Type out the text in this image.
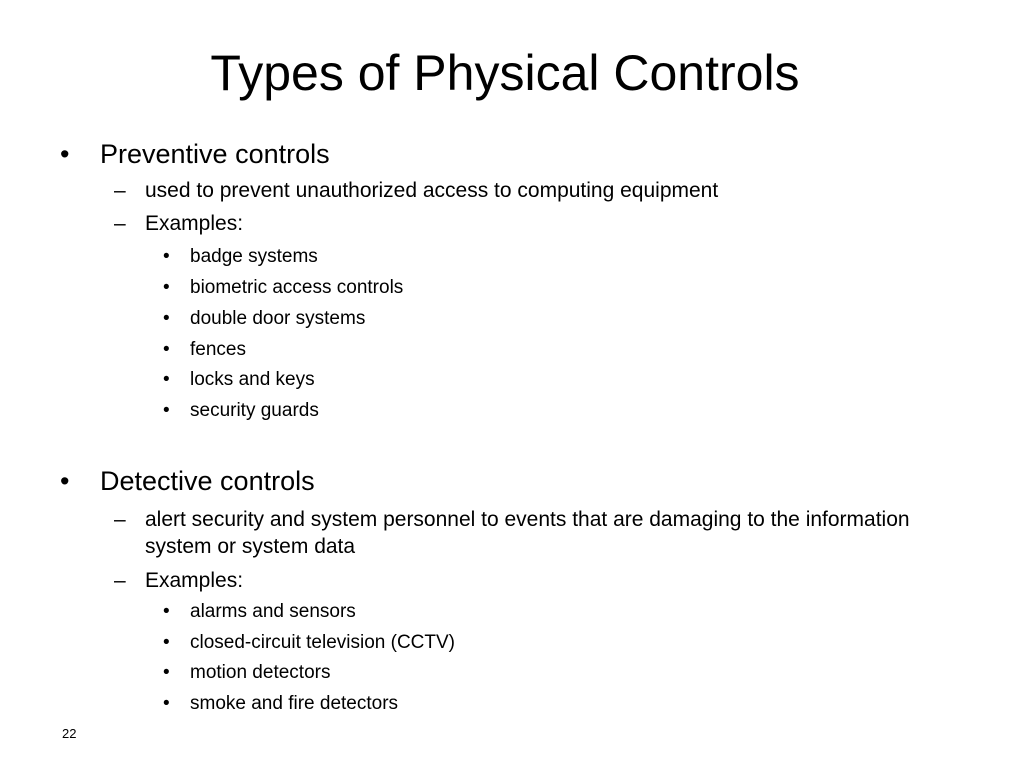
Types of Physical Controls
• Preventive controls
– used to prevent unauthorized access to computing equipment
– Examples:
• badge systems
• biometric access controls
• double door systems
• fences
• locks and keys
• security guards
• Detective controls
– alert security and system personnel to events that are damaging to the information system or system data
– Examples:
• alarms and sensors
• closed-circuit television (CCTV)
• motion detectors
• smoke and fire detectors
22
